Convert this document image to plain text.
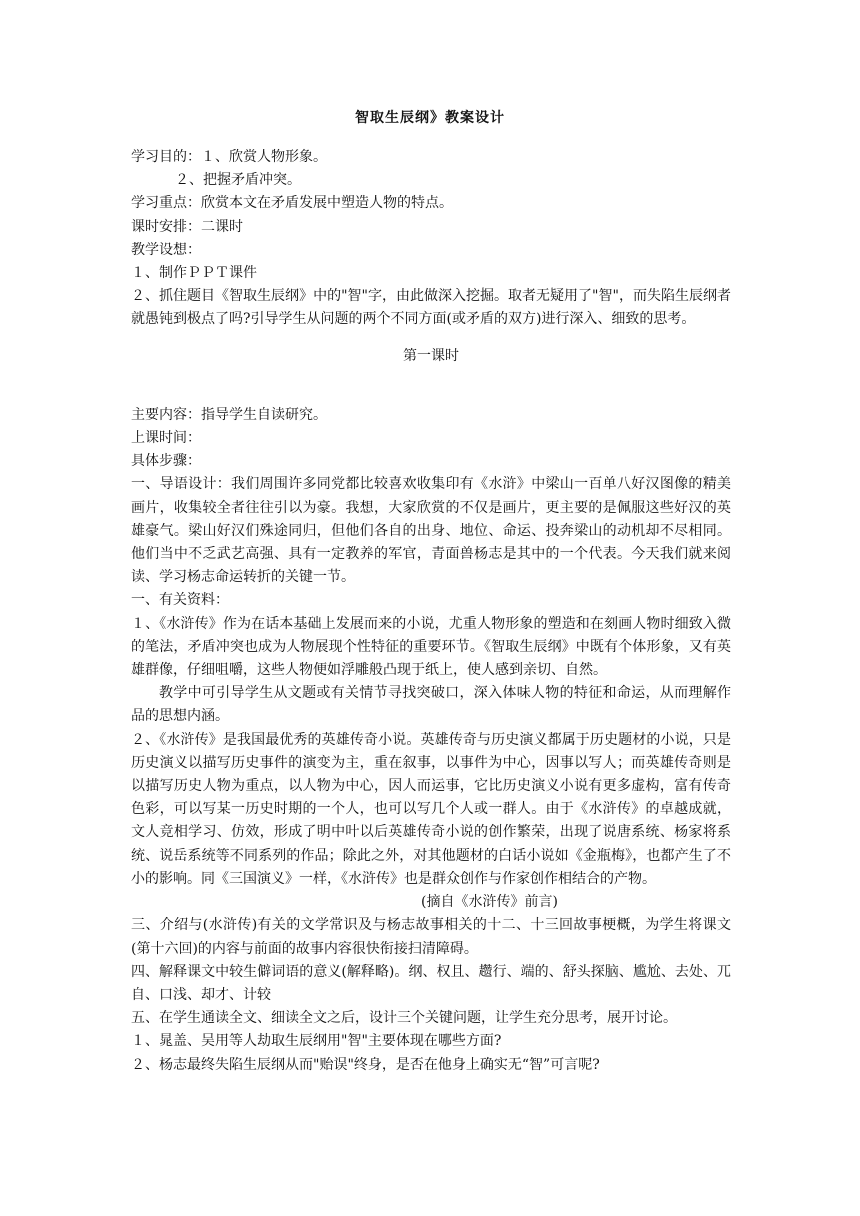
智取生辰纲》教案设计

学习目的：１、欣赏人物形象。

２、把握矛盾冲突。

学习重点：欣赏本文在矛盾发展中塑造人物的特点。

课时安排：二课时

教学设想：

１、制作ＰＰＴ课件

２、抓住题目《智取生辰纲》中的"智"字，由此做深入挖掘。取者无疑用了"智"，而失陷生辰纲者就愚钝到极点了吗?引导学生从问题的两个不同方面(或矛盾的双方)进行深入、细致的思考。

第一课时

主要内容：指导学生自读研究。

上课时间：

具体步骤：

一、导语设计：我们周围许多同党都比较喜欢收集印有《水浒》中梁山一百单八好汉图像的精美画片，收集较全者往往引以为豪。我想，大家欣赏的不仅是画片，更主要的是佩服这些好汉的英雄豪气。梁山好汉们殊途同归，但他们各自的出身、地位、命运、投奔梁山的动机却不尽相同。他们当中不乏武艺高强、具有一定教养的军官，青面兽杨志是其中的一个代表。今天我们就来阅读、学习杨志命运转折的关键一节。

一、有关资料：

１、《水浒传》作为在话本基础上发展而来的小说，尤重人物形象的塑造和在刻画人物时细致入微的笔法，矛盾冲突也成为人物展现个性特征的重要环节。《智取生辰纲》中既有个体形象，又有英雄群像，仔细咀嚼，这些人物便如浮雕般凸现于纸上，使人感到亲切、自然。

教学中可引导学生从文题或有关情节寻找突破口，深入体味人物的特征和命运，从而理解作品的思想内涵。

２、《水浒传》是我国最优秀的英雄传奇小说。英雄传奇与历史演义都属于历史题材的小说，只是历史演义以描写历史事件的演变为主，重在叙事，以事件为中心，因事以写人；而英雄传奇则是以描写历史人物为重点，以人物为中心，因人而运事，它比历史演义小说有更多虚构，富有传奇色彩，可以写某一历史时期的一个人，也可以写几个人或一群人。由于《水浒传》的卓越成就，文人竞相学习、仿效，形成了明中叶以后英雄传奇小说的创作繁荣，出现了说唐系统、杨家将系统、说岳系统等不同系列的作品；除此之外，对其他题材的白话小说如《金瓶梅》，也都产生了不小的影响。同《三国演义》一样，《水浒传》也是群众创作与作家创作相结合的产物。

(摘自《水浒传》前言)

三、介绍与(水浒传)有关的文学常识及与杨志故事相关的十二、十三回故事梗概，为学生将课文(第十六回)的内容与前面的故事内容很快衔接扫清障碍。

四、解释课文中较生僻词语的意义(解释略)。纲、权且、趱行、端的、舒头探脑、尴尬、去处、兀自、口浅、却才、计较

五、在学生通读全文、细读全文之后，设计三个关键问题，让学生充分思考，展开讨论。

１、晁盖、吴用等人劫取生辰纲用"智"主要体现在哪些方面?

２、杨志最终失陷生辰纲从而"贻误"终身，是否在他身上确实无“智”可言呢?
